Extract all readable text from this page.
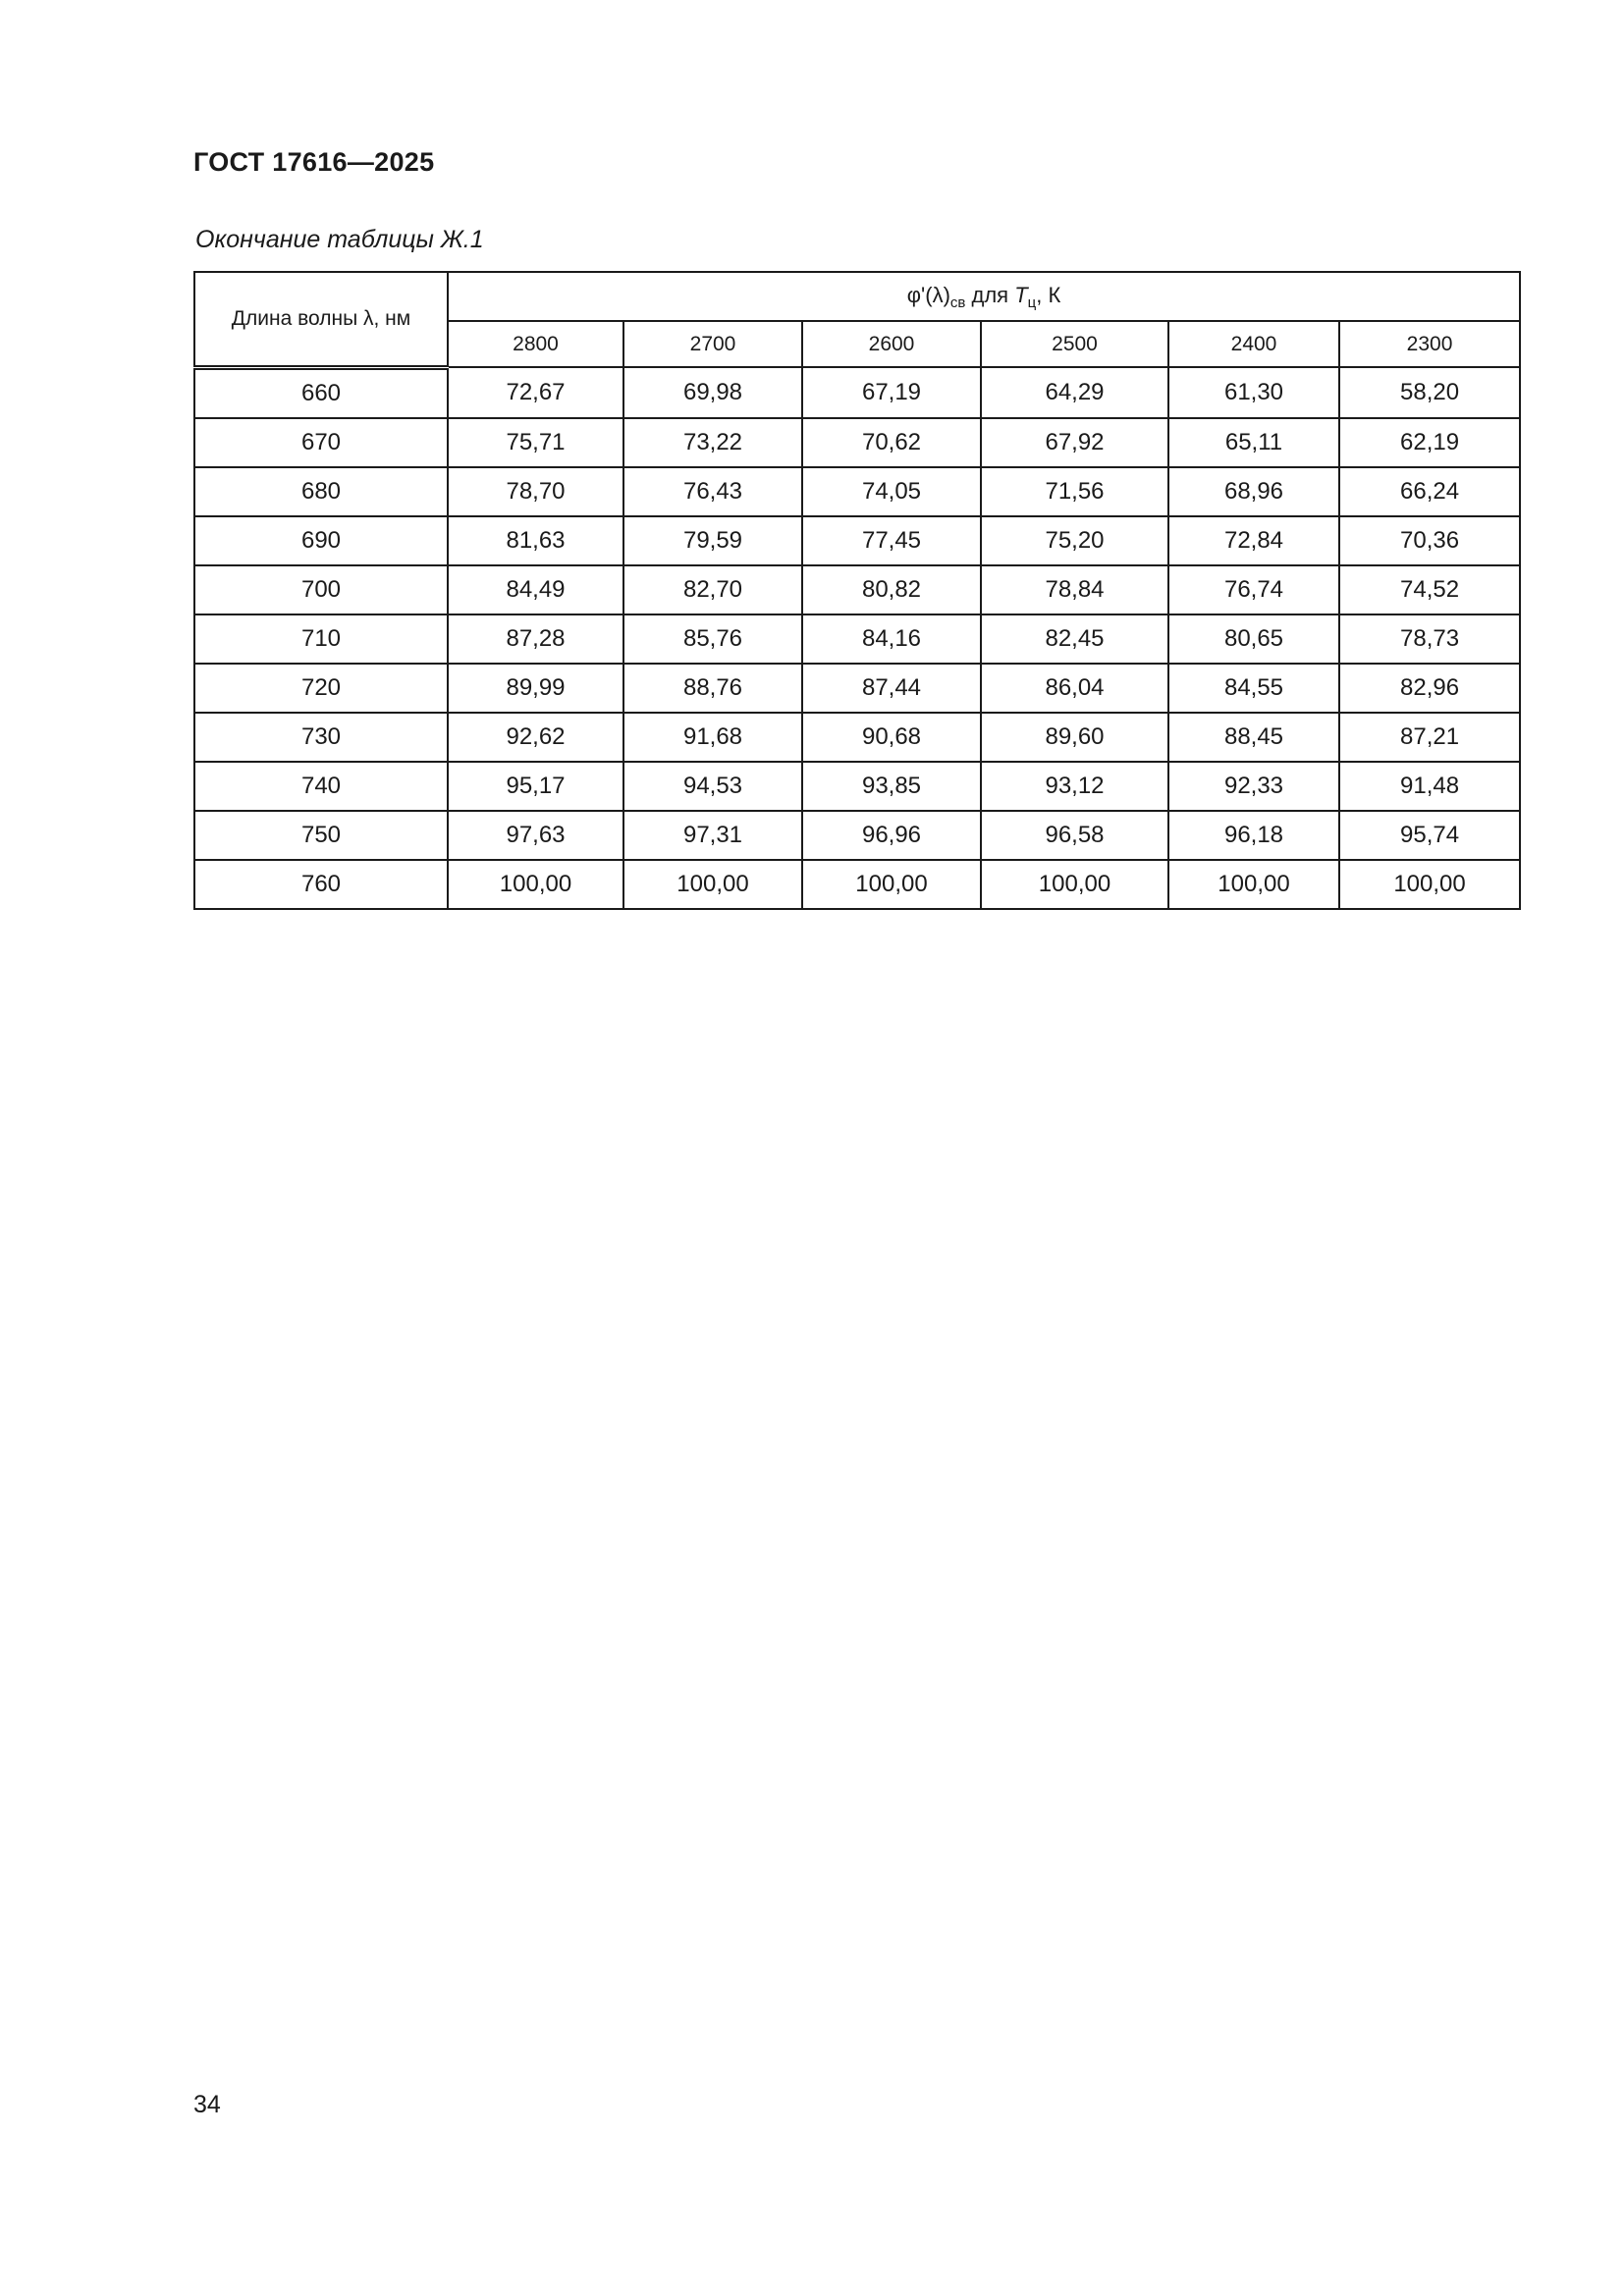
ГОСТ 17616—2025
Окончание таблицы Ж.1
Длина волны λ, нм	$\varphi'(\lambda)_{св}$ для $T_ц$, К					
	2800	2700	2600	2500	2400	2300
660	72,67	69,98	67,19	64,29	61,30	58,20
670	75,71	73,22	70,62	67,92	65,11	62,19
680	78,70	76,43	74,05	71,56	68,96	66,24
690	81,63	79,59	77,45	75,20	72,84	70,36
700	84,49	82,70	80,82	78,84	76,74	74,52
710	87,28	85,76	84,16	82,45	80,65	78,73
720	89,99	88,76	87,44	86,04	84,55	82,96
730	92,62	91,68	90,68	89,60	88,45	87,21
740	95,17	94,53	93,85	93,12	92,33	91,48
750	97,63	97,31	96,96	96,58	96,18	95,74
760	100,00	100,00	100,00	100,00	100,00	100,00
34
